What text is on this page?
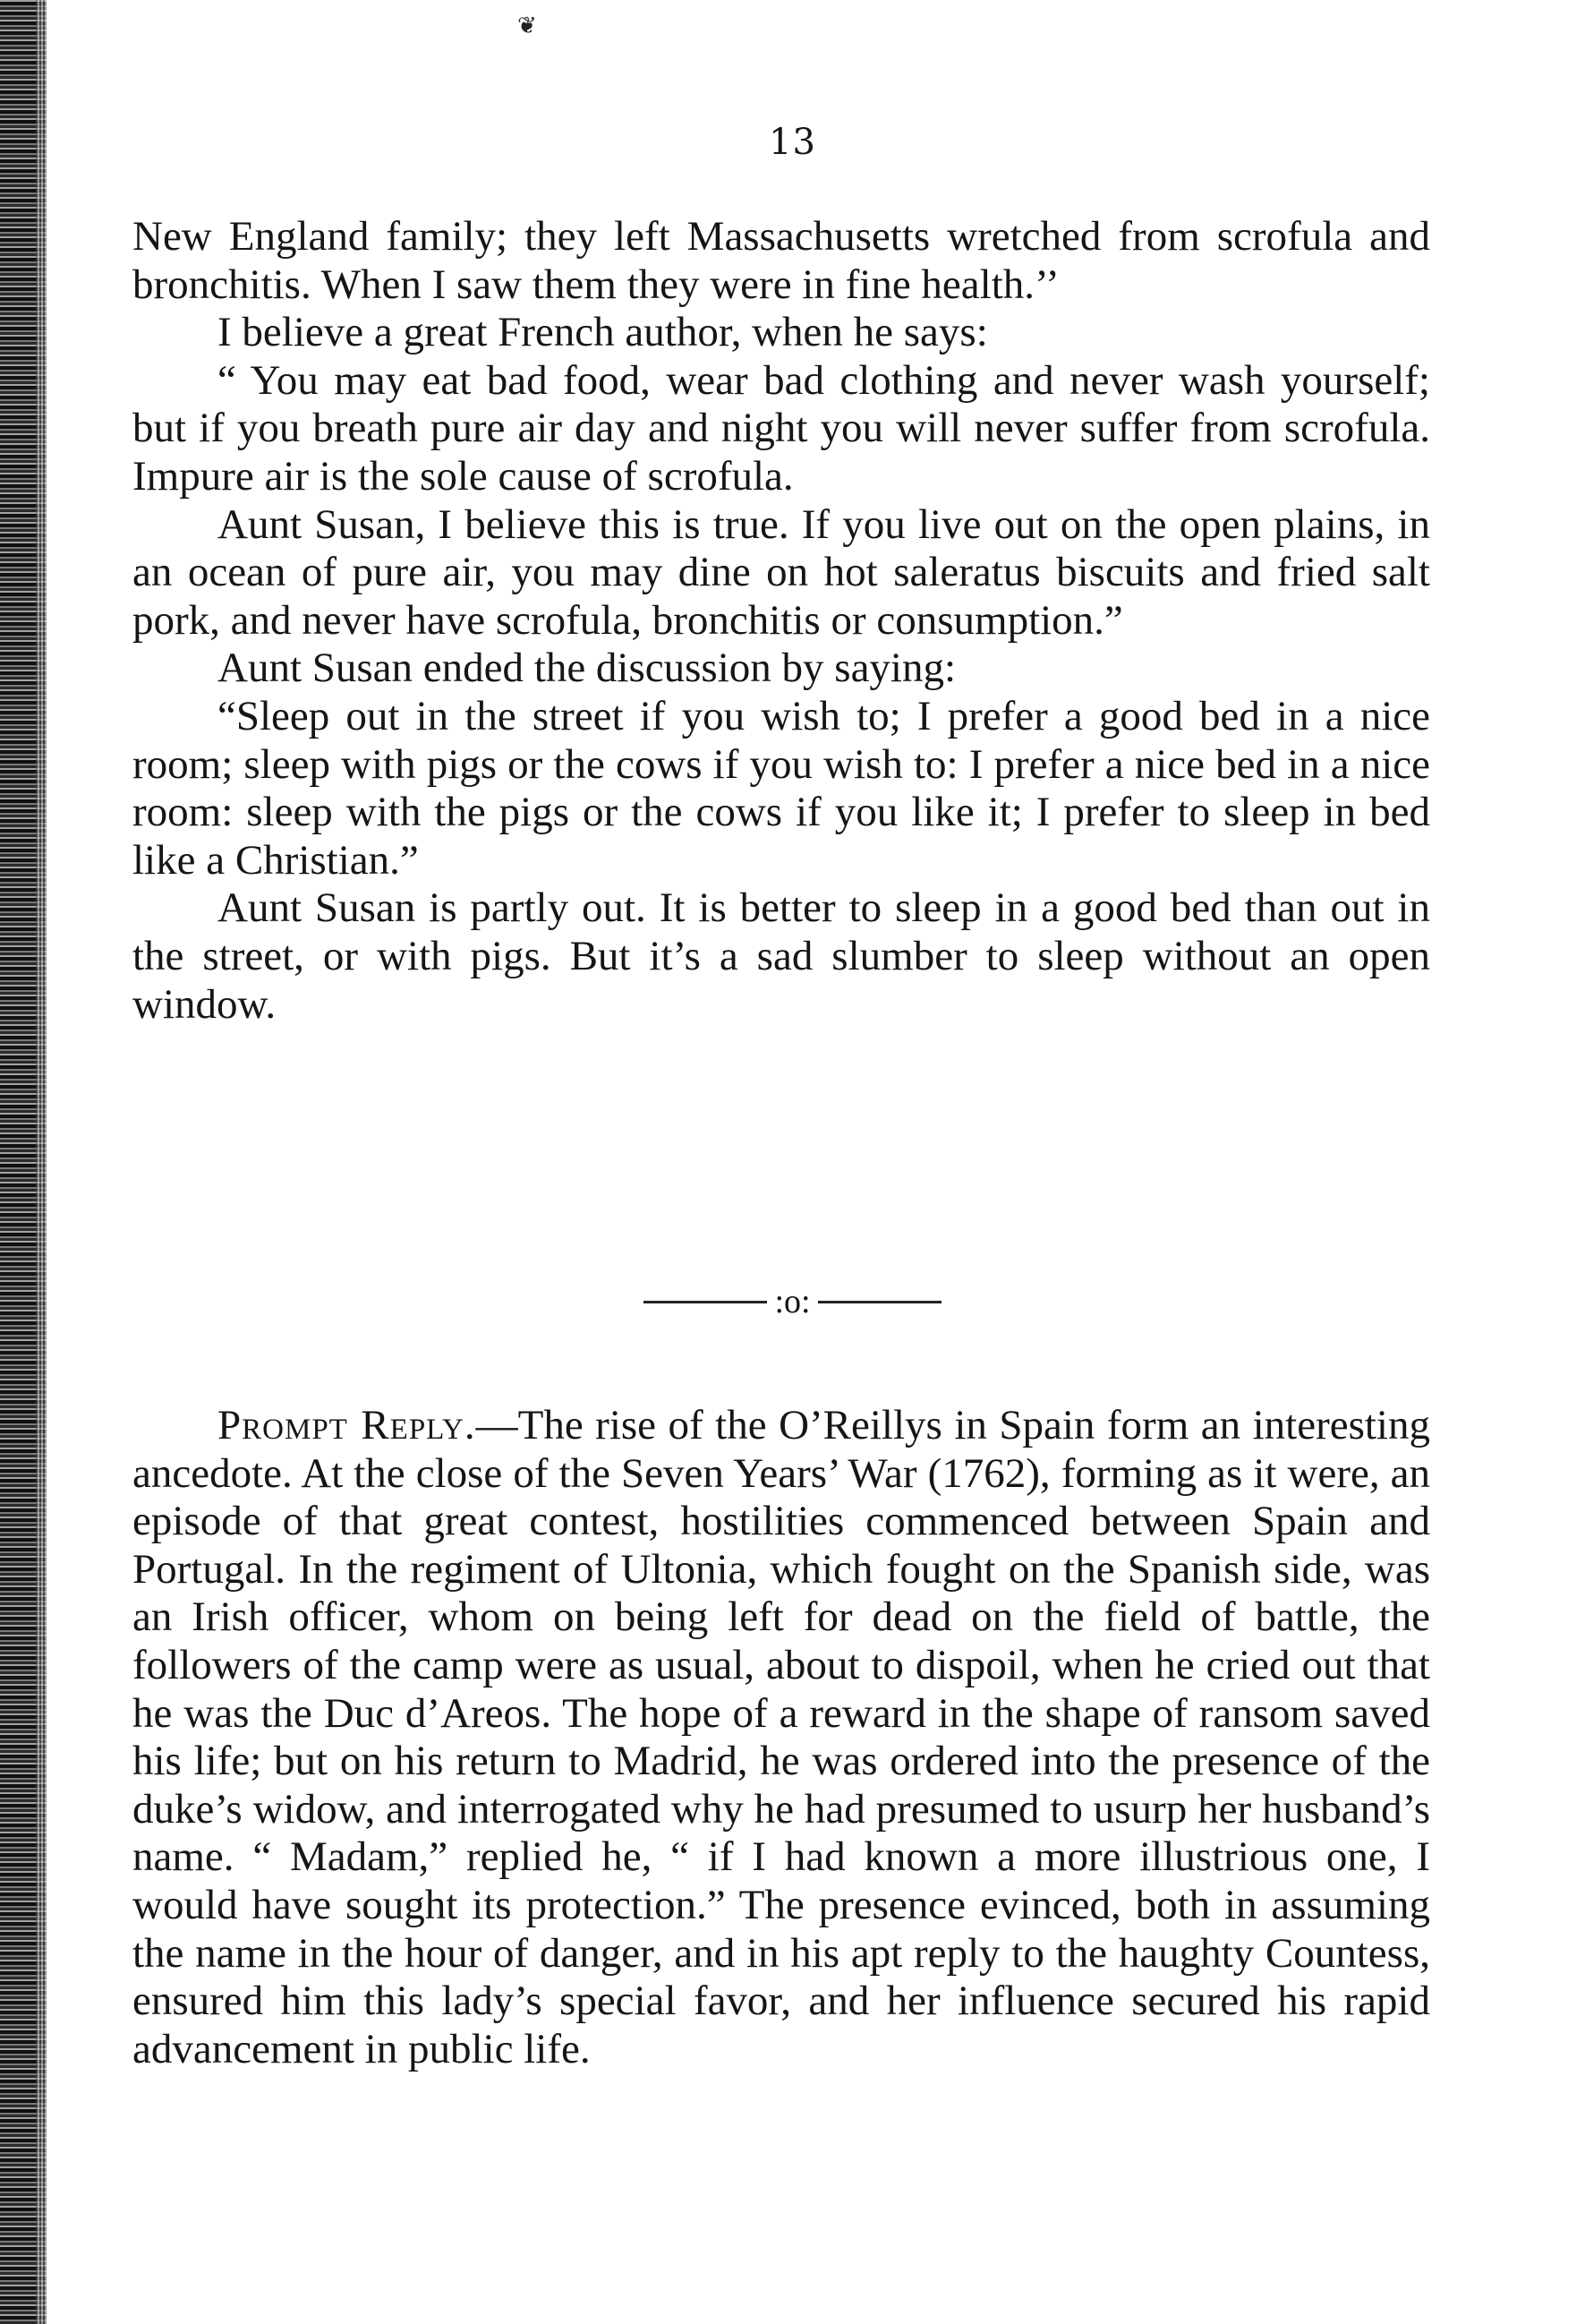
❦
13

New England family; they left Massachusetts wretched from scrofula and bronchitis. When I saw them they were in fine health.’’

I believe a great French author, when he says:

“ You may eat bad food, wear bad clothing and never wash yourself; but if you breath pure air day and night you will never suffer from scrofula. Impure air is the sole cause of scrofula.

Aunt Susan, I believe this is true. If you live out on the open plains, in an ocean of pure air, you may dine on hot saleratus biscuits and fried salt pork, and never have scrofula, bronchitis or consumption.”

Aunt Susan ended the discussion by saying:

“Sleep out in the street if you wish to; I prefer a good bed in a nice room; sleep with pigs or the cows if you wish to: I prefer a nice bed in a nice room: sleep with the pigs or the cows if you like it; I prefer to sleep in bed like a Christian.”

Aunt Susan is partly out. It is better to sleep in a good bed than out in the street, or with pigs. But it’s a sad slumber to sleep without an open window.

:o:

Prompt Reply.—The rise of the O’Reillys in Spain form an interesting ancedote. At the close of the Seven Years’ War (1762), forming as it were, an episode of that great contest, hostilities commenced between Spain and Portugal. In the regiment of Ultonia, which fought on the Spanish side, was an Irish officer, whom on being left for dead on the field of battle, the followers of the camp were as usual, about to dispoil, when he cried out that he was the Duc d’Areos. The hope of a reward in the shape of ransom saved his life; but on his return to Madrid, he was ordered into the presence of the duke’s widow, and interrogated why he had presumed to usurp her husband’s name. “ Madam,” replied he, “ if I had known a more illustrious one, I would have sought its protection.” The presence evinced, both in assuming the name in the hour of danger, and in his apt reply to the haughty Countess, ensured him this lady’s special favor, and her influence secured his rapid advancement in public life.
